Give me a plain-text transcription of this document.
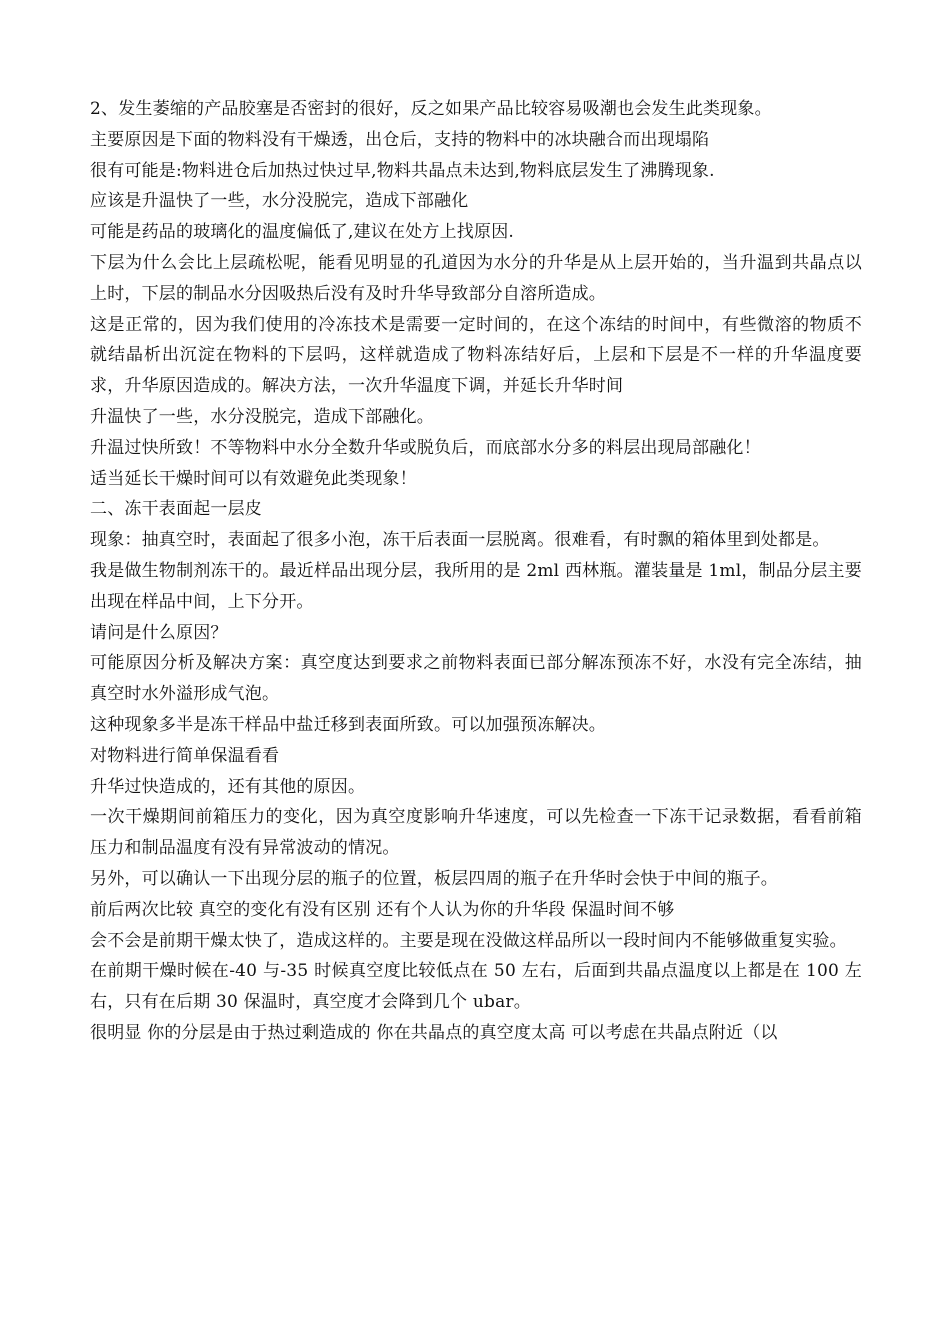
2、发生萎缩的产品胶塞是否密封的很好，反之如果产品比较容易吸潮也会发生此类现象。

主要原因是下面的物料没有干燥透，出仓后，支持的物料中的冰块融合而出现塌陷

很有可能是:物料进仓后加热过快过早,物料共晶点未达到,物料底层发生了沸腾现象.

应该是升温快了一些，水分没脱完，造成下部融化

可能是药品的玻璃化的温度偏低了,建议在处方上找原因.

下层为什么会比上层疏松呢，能看见明显的孔道因为水分的升华是从上层开始的，当升温到共晶点以上时，下层的制品水分因吸热后没有及时升华导致部分自溶所造成。

这是正常的，因为我们使用的冷冻技术是需要一定时间的，在这个冻结的时间中，有些微溶的物质不就结晶析出沉淀在物料的下层吗，这样就造成了物料冻结好后，上层和下层是不一样的升华温度要求，升华原因造成的。解决方法，一次升华温度下调，并延长升华时间

升温快了一些，水分没脱完，造成下部融化。

升温过快所致！不等物料中水分全数升华或脱负后，而底部水分多的料层出现局部融化！

适当延长干燥时间可以有效避免此类现象！

二、冻干表面起一层皮

现象：抽真空时，表面起了很多小泡，冻干后表面一层脱离。很难看，有时飘的箱体里到处都是。

我是做生物制剂冻干的。最近样品出现分层，我所用的是 2ml 西林瓶。灌装量是 1ml，制品分层主要出现在样品中间，上下分开。

请问是什么原因？

可能原因分析及解决方案：真空度达到要求之前物料表面已部分解冻预冻不好，水没有完全冻结，抽真空时水外溢形成气泡。

这种现象多半是冻干样品中盐迁移到表面所致。可以加强预冻解决。

对物料进行简单保温看看

升华过快造成的，还有其他的原因。

一次干燥期间前箱压力的变化，因为真空度影响升华速度，可以先检查一下冻干记录数据，看看前箱压力和制品温度有没有异常波动的情况。

另外，可以确认一下出现分层的瓶子的位置，板层四周的瓶子在升华时会快于中间的瓶子。

前后两次比较 真空的变化有没有区别 还有个人认为你的升华段 保温时间不够

会不会是前期干燥太快了，造成这样的。主要是现在没做这样品所以一段时间内不能够做重复实验。

在前期干燥时候在-40 与-35 时候真空度比较低点在 50 左右，后面到共晶点温度以上都是在 100 左右，只有在后期 30 保温时，真空度才会降到几个 ubar。

很明显 你的分层是由于热过剩造成的 你在共晶点的真空度太高 可以考虑在共晶点附近（以
